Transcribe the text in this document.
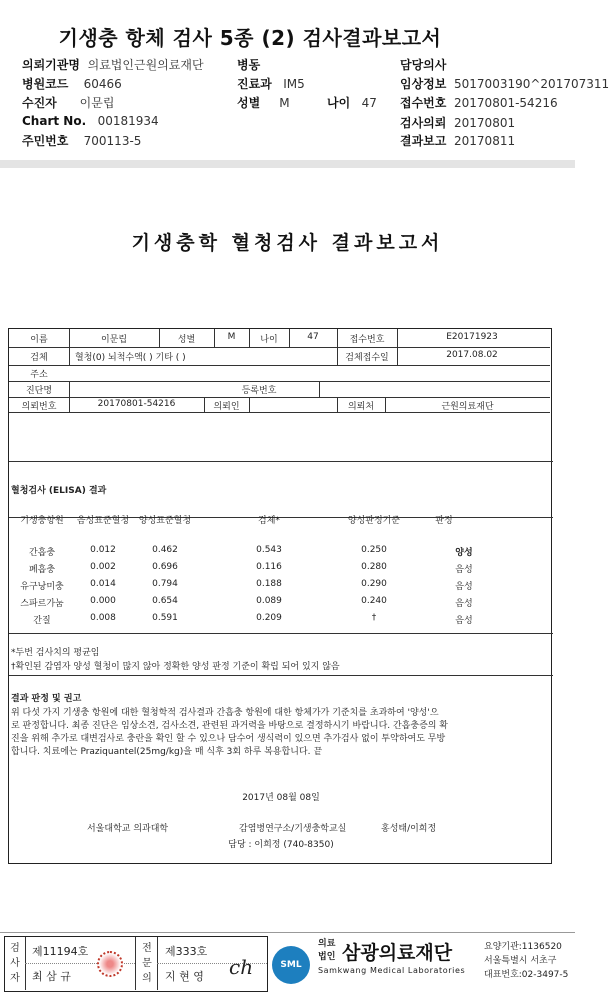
기생충 항체 검사 5종 (2) 검사결과보고서
의뢰기관명 의료법인근원의료재단	병동	담당의사
병원코드 60466	진료과 IM5	임상정보 5017003190^201707311
수진자 이문립	성별 M	나이 47 접수번호 20170801-54216
Chart No. 00181934	검사의뢰 20170801
주민번호 700113-5	결과보고 20170811
기생충학 혈청검사 결과보고서
이름	이문립	성별	M	나이	47	접수번호	E20171923
검체	혈청(0) 뇌척수액( ) 기타 ( )	검체접수일	2017.08.02
주소
진단명	등록번호
의뢰번호	20170801-54216	의뢰인	의뢰처	근원의료재단
혈청검사 (ELISA) 결과
기생충항원	음성표준혈청	양성표준혈청	검체*	양성판정기준	판정
간흡충	0.012	0.462	0.543	0.250	양성
폐흡충	0.002	0.696	0.116	0.280	음성
유구낭미충	0.014	0.794	0.188	0.290	음성
스파르가눔	0.000	0.654	0.089	0.240	음성
간질	0.008	0.591	0.209	†	음성
*두번 검사치의 평균임
†확인된 감염자 양성 혈청이 많지 않아 정확한 양성 판정 기준이 확립 되어 있지 않음
결과 판정 및 권고
위 다섯 가지 기생충 항원에 대한 혈청학적 검사결과 간흡충 항원에 대한 항체가가 기준치를 초과하여 '양성'으
로 판정합니다. 최종 진단은 임상소견, 검사소견, 관련된 과거력을 바탕으로 결정하시기 바랍니다. 간흡충증의 확
진을 위해 추가로 대변검사로 충란을 확인 할 수 있으나 담수어 생식력이 있으면 추가검사 없이 투약하여도 무방
합니다. 치료에는 Praziquantel(25mg/kg)을 매 식후 3회 하루 복용합니다. 끝
2017년 08월 08일
서울대학교 의과대학	감염병연구소/기생충학교실	홍성태/이희정
담당 : 이희정 (740-8350)
검사자
제11194호
최 삼 규
전문의
제333호
지 현 영 ch	SML
의료
법인 삼광의료재단
Samkwang Medical Laboratories
요양기관:1136520
서울특별시 서초구
대표번호:02-3497-5
